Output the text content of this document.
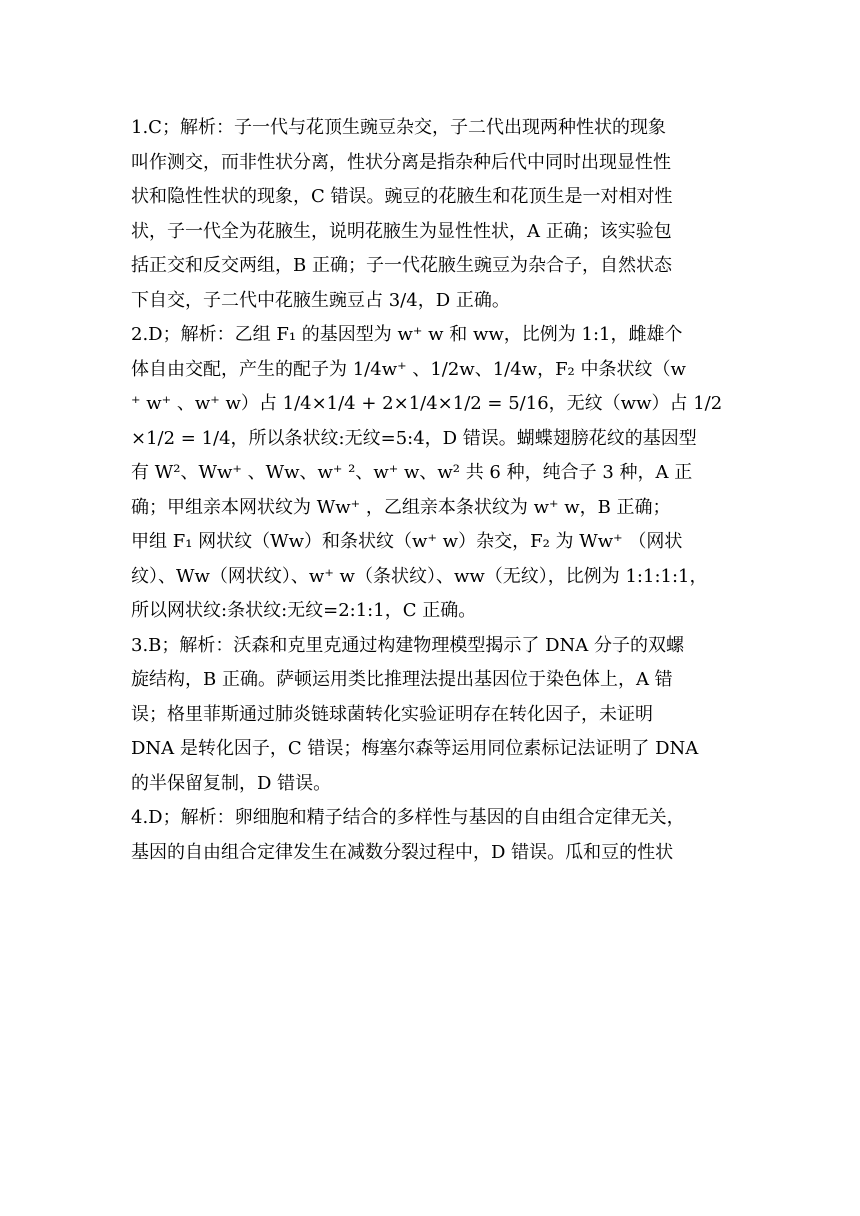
1.C；解析：子一代与花顶生豌豆杂交，子二代出现两种性状的现象
叫作测交，而非性状分离，性状分离是指杂种后代中同时出现显性性
状和隐性性状的现象，C 错误。豌豆的花腋生和花顶生是一对相对性
状，子一代全为花腋生，说明花腋生为显性性状，A 正确；该实验包
括正交和反交两组，B 正确；子一代花腋生豌豆为杂合子，自然状态
下自交，子二代中花腋生豌豆占 3/4，D 正确。
2.D；解析：乙组 F₁ 的基因型为 w⁺ w 和 ww，比例为 1:1，雌雄个
体自由交配，产生的配子为 1/4w⁺ 、1/2w、1/4w，F₂ 中条状纹（w
⁺ w⁺ 、w⁺ w）占 1/4×1/4 + 2×1/4×1/2 = 5/16，无纹（ww）占 1/2
×1/2 = 1/4，所以条状纹:无纹=5:4，D 错误。蝴蝶翅膀花纹的基因型
有 W²、Ww⁺ 、Ww、w⁺ ²、w⁺ w、w² 共 6 种，纯合子 3 种，A 正
确；甲组亲本网状纹为 Ww⁺ ，乙组亲本条状纹为 w⁺ w，B 正确；
甲组 F₁ 网状纹（Ww）和条状纹（w⁺ w）杂交，F₂ 为 Ww⁺ （网状
纹）、Ww（网状纹）、w⁺ w（条状纹）、ww（无纹），比例为 1:1:1:1，
所以网状纹:条状纹:无纹=2:1:1，C 正确。
3.B；解析：沃森和克里克通过构建物理模型揭示了 DNA 分子的双螺
旋结构，B 正确。萨顿运用类比推理法提出基因位于染色体上，A 错
误；格里菲斯通过肺炎链球菌转化实验证明存在转化因子，未证明
DNA 是转化因子，C 错误；梅塞尔森等运用同位素标记法证明了 DNA
的半保留复制，D 错误。
4.D；解析：卵细胞和精子结合的多样性与基因的自由组合定律无关，
基因的自由组合定律发生在减数分裂过程中，D 错误。瓜和豆的性状
